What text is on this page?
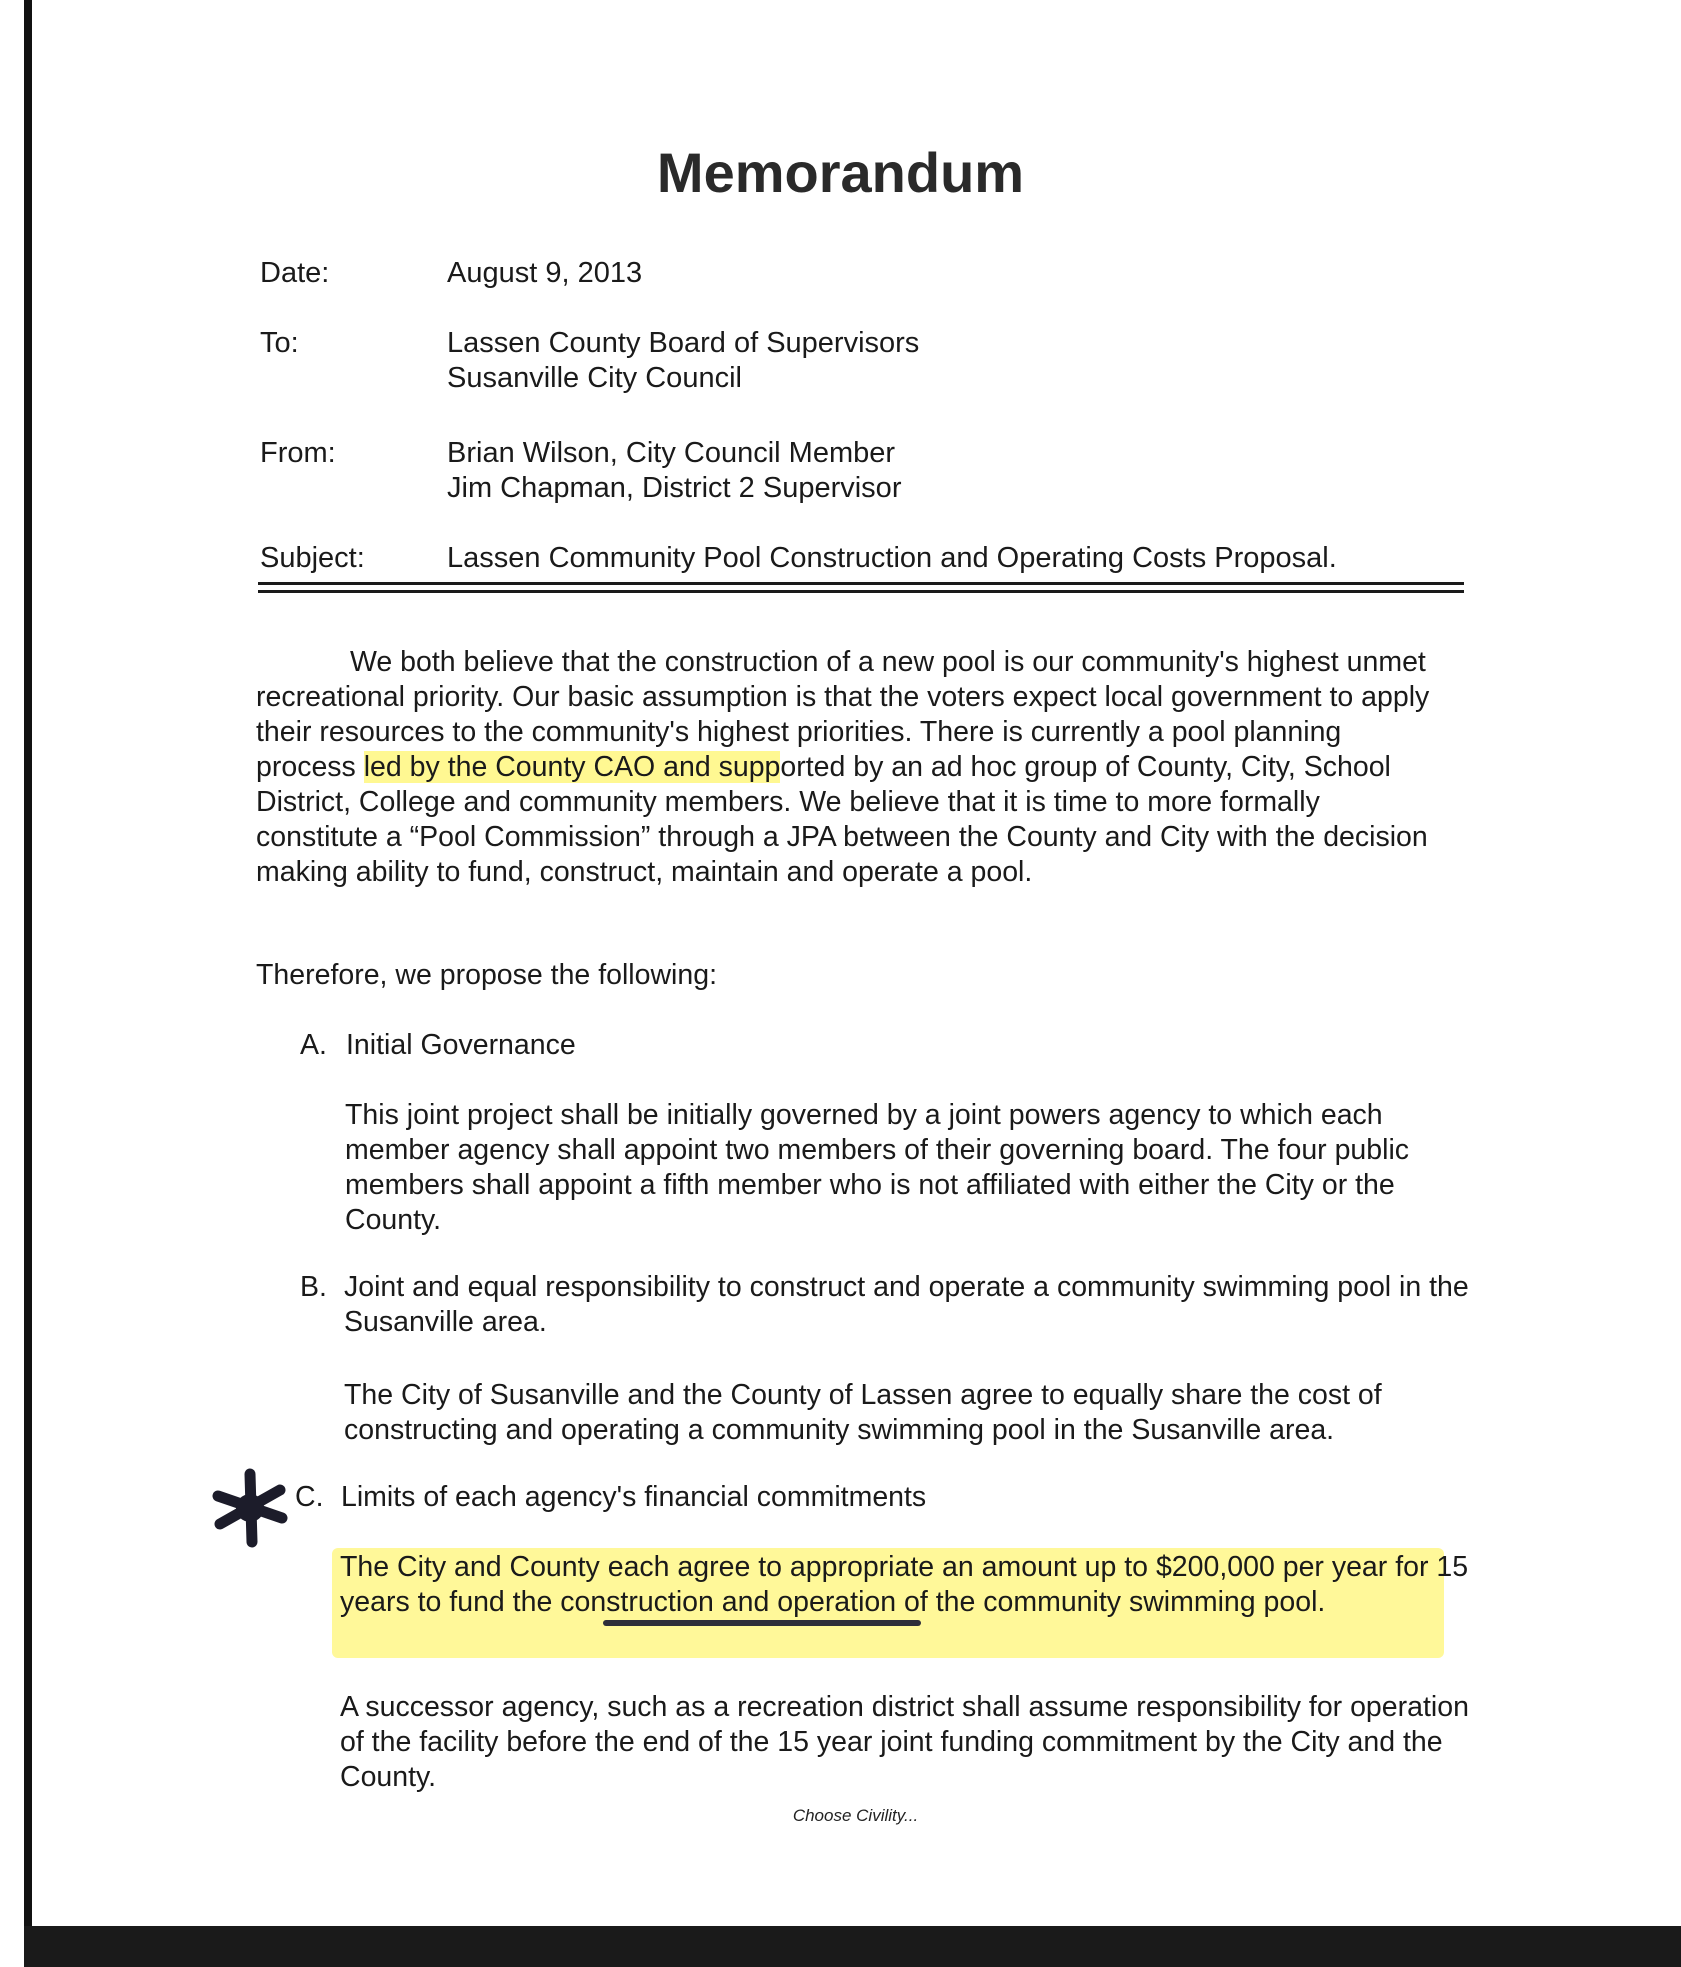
Memorandum
Date:	August 9, 2013
To:	Lassen County Board of Supervisors
Susanville City Council
From:	Brian Wilson, City Council Member
Jim Chapman, District 2 Supervisor
Subject:	Lassen Community Pool Construction and Operating Costs Proposal.

We both believe that the construction of a new pool is our community's highest unmet recreational priority. Our basic assumption is that the voters expect local government to apply their resources to the community's highest priorities. There is currently a pool planning process led by the County CAO and supported by an ad hoc group of County, City, School District, College and community members. We believe that it is time to more formally constitute a “Pool Commission” through a JPA between the County and City with the decision making ability to fund, construct, maintain and operate a pool.

Therefore, we propose the following:

A. Initial Governance

This joint project shall be initially governed by a joint powers agency to which each member agency shall appoint two members of their governing board. The four public members shall appoint a fifth member who is not affiliated with either the City or the County.

B. Joint and equal responsibility to construct and operate a community swimming pool in the Susanville area.

The City of Susanville and the County of Lassen agree to equally share the cost of constructing and operating a community swimming pool in the Susanville area.

C. Limits of each agency's financial commitments

The City and County each agree to appropriate an amount up to $200,000 per year for 15 years to fund the construction and operation of the community swimming pool.

A successor agency, such as a recreation district shall assume responsibility for operation of the facility before the end of the 15 year joint funding commitment by the City and the County.

Choose Civility...
